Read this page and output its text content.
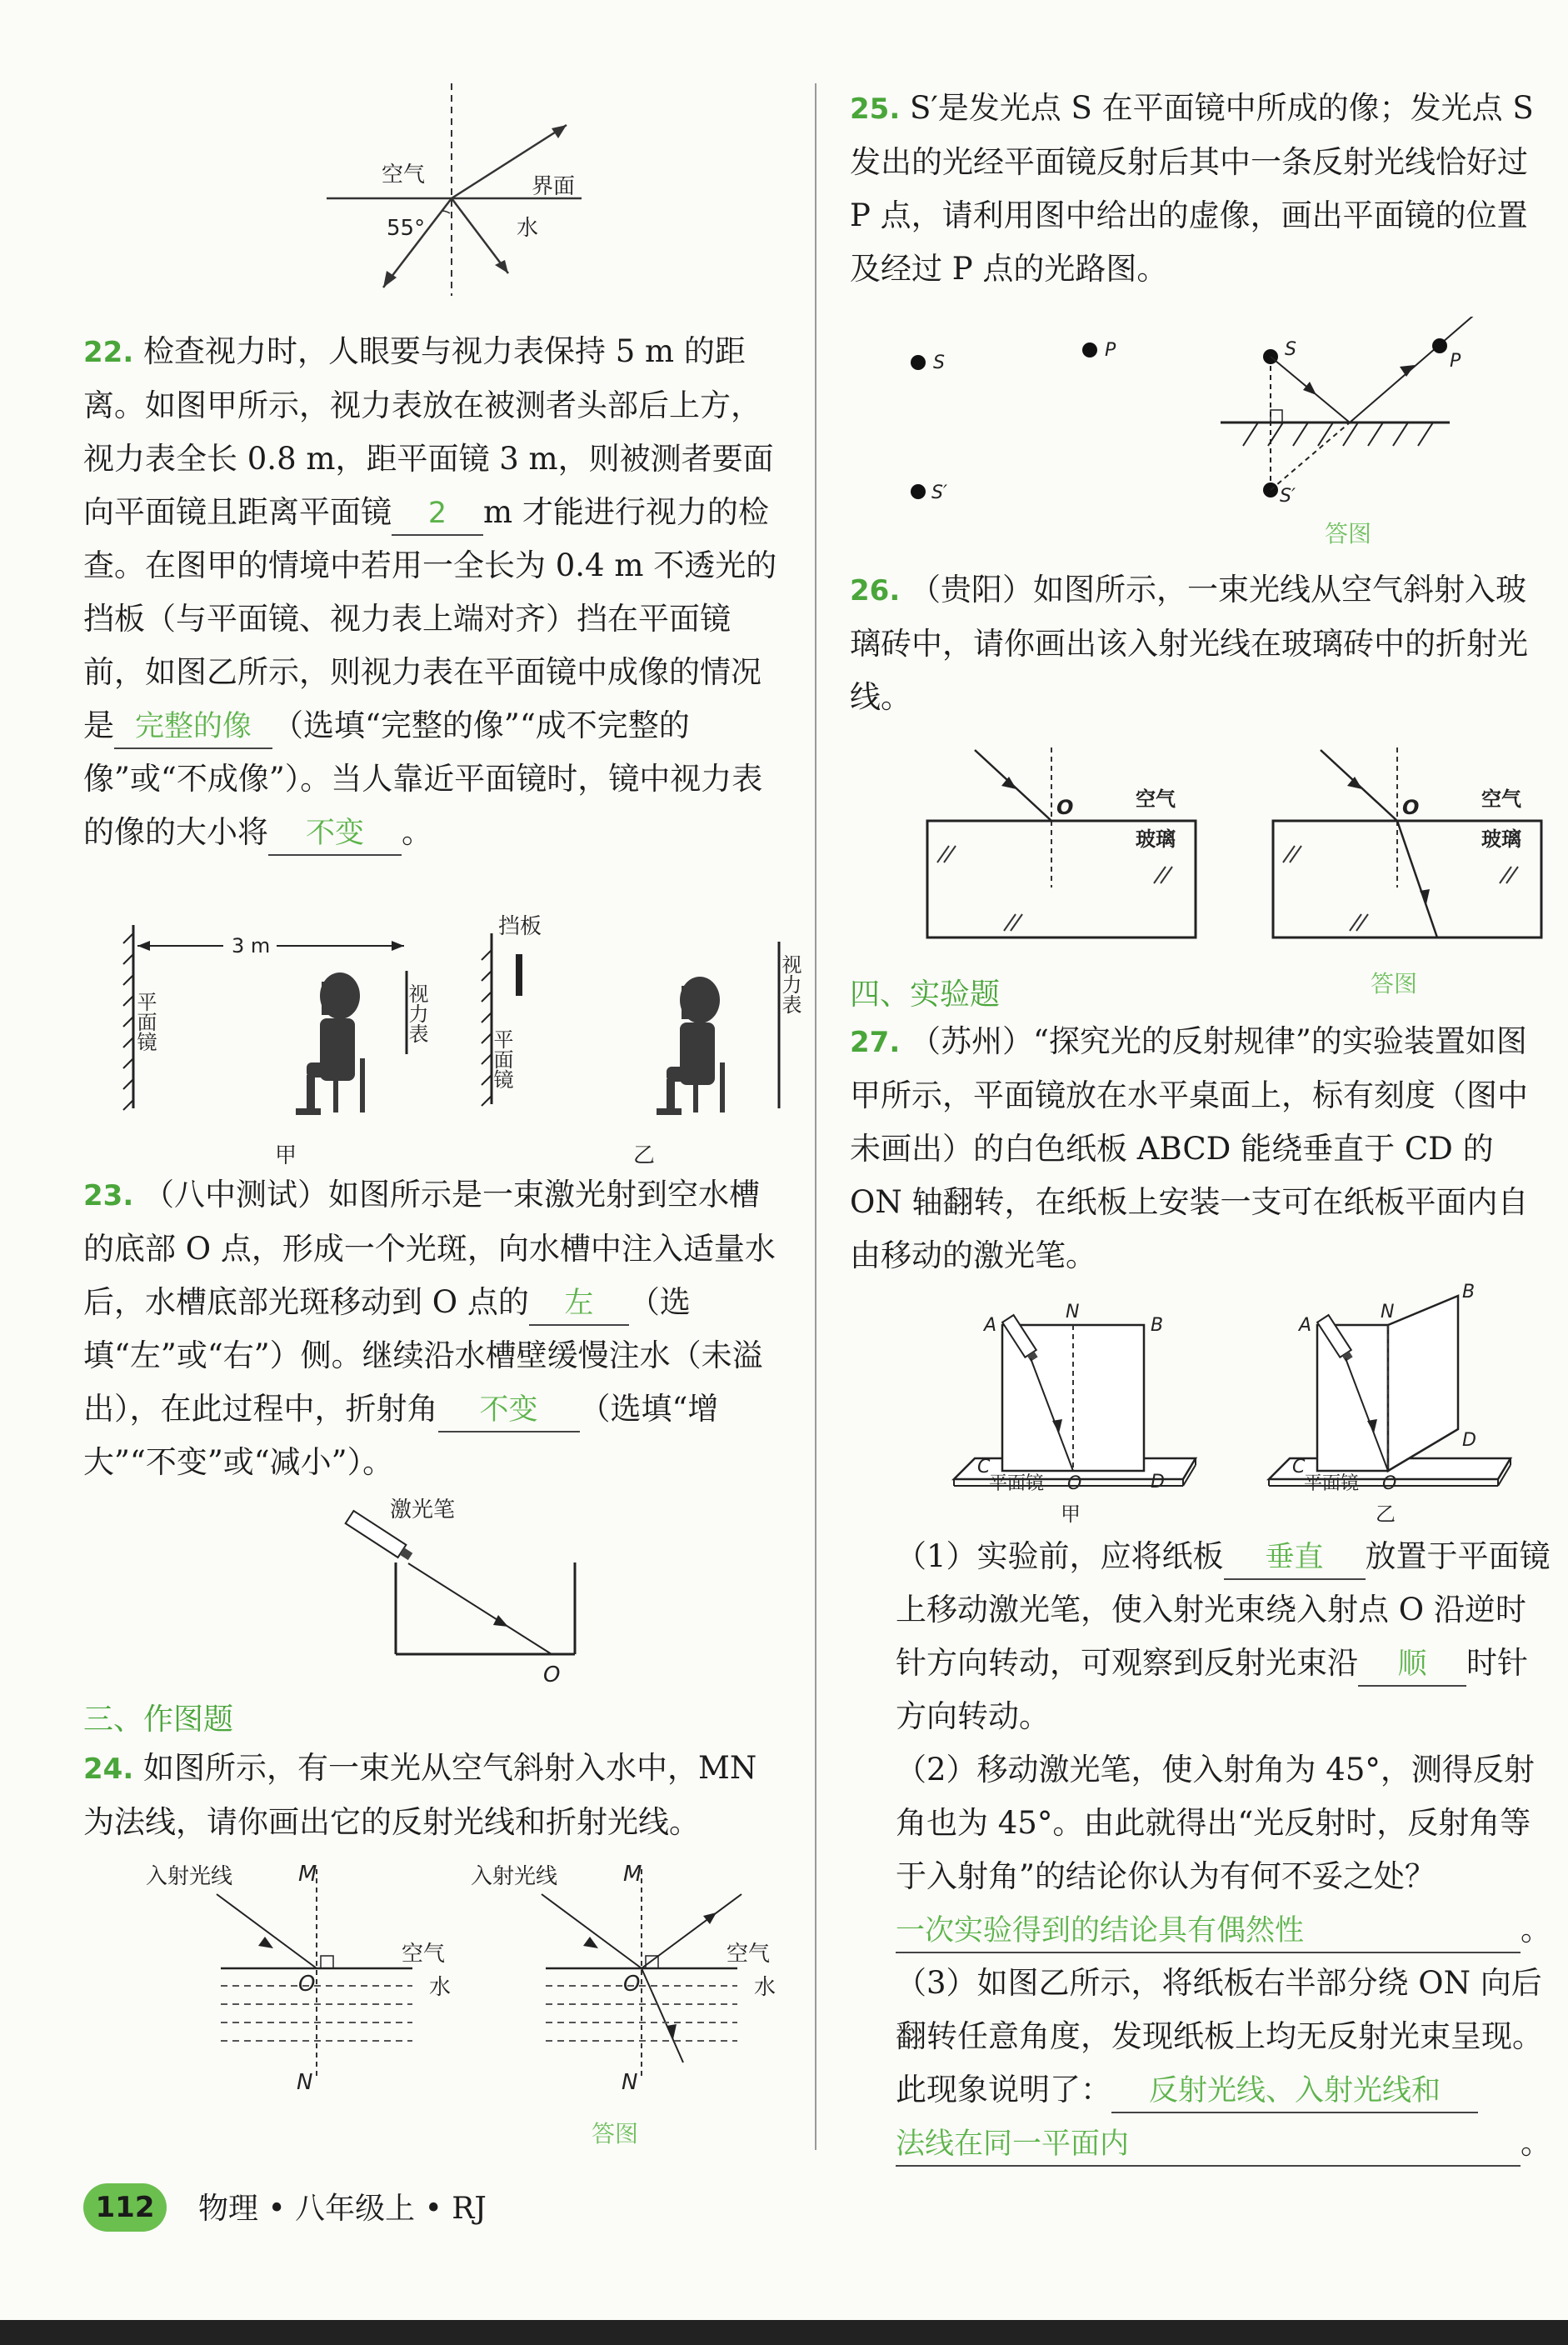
空气	界面
55°	水
22. 检查视力时，人眼要与视力表保持 5 m 的距离。如图甲所示，视力表放在被测者头部后上方，视力表全长 0.8 m，距平面镜 3 m，则被测者要面向平面镜且距离平面镜 2 m 才能进行视力的检查。在图甲的情境中若用一全长为 0.4 m 不透光的挡板（与平面镜、视力表上端对齐）挡在平面镜前，如图乙所示，则视力表在平面镜中成像的情况是 完整的像 （选填“完整的像”“成不完整的像”或“不成像”）。当人靠近平面镜时，镜中视力表的像的大小将 不变 。
3 m
平面镜	视力表
甲
挡板
平面镜
视力表
乙
23. （八中测试）如图所示是一束激光射到空水槽的底部 O 点，形成一个光斑，向水槽中注入适量水后，水槽底部光斑移动到 O 点的 左 （选填“左”或“右”）侧。继续沿水槽壁缓慢注水（未溢出），在此过程中，折射角 不变 （选填“增大”“不变”或“减小”）。
激光笔
O
三、作图题
24. 如图所示，有一束光从空气斜射入水中，MN 为法线，请你画出它的反射光线和折射光线。
入射光线	M
N
O
空气
水
入射光线	M
N
O
空气
水
答图
25. S′是发光点 S 在平面镜中所成的像；发光点 S 发出的光经平面镜反射后其中一条反射光线恰好过 P 点，请利用图中给出的虚像，画出平面镜的位置及经过 P 点的光路图。
S
P
S′
S
S′
P
答图
26. （贵阳）如图所示，一束光线从空气斜射入玻璃砖中，请你画出该入射光线在玻璃砖中的折射光线。
O	空气
玻璃
O	空气
玻璃
答图
四、实验题
27. （苏州）“探究光的反射规律”的实验装置如图甲所示，平面镜放在水平桌面上，标有刻度（图中未画出）的白色纸板 ABCD 能绕垂直于 CD 的 ON 轴翻转，在纸板上安装一支可在纸板平面内自由移动的激光笔。
A
N
B
C
O	D
平面镜
甲
A
N
B
C
O
D
平面镜
乙
（1）实验前，应将纸板 垂直 放置于平面镜上移动激光笔，使入射光束绕入射点 O 沿逆时针方向转动，可观察到反射光束沿 顺 时针方向转动。
（2）移动激光笔，使入射角为 45°，测得反射角也为 45°。由此就得出“光反射时，反射角等于入射角”的结论你认为有何不妥之处？一次实验得到的结论具有偶然性	。
（3）如图乙所示，将纸板右半部分绕 ON 向后翻转任意角度，发现纸板上均无反射光束呈现。此现象说明了： 反射光线、入射光线和法线在同一平面内	。
112	物理 • 八年级上 • RJ
